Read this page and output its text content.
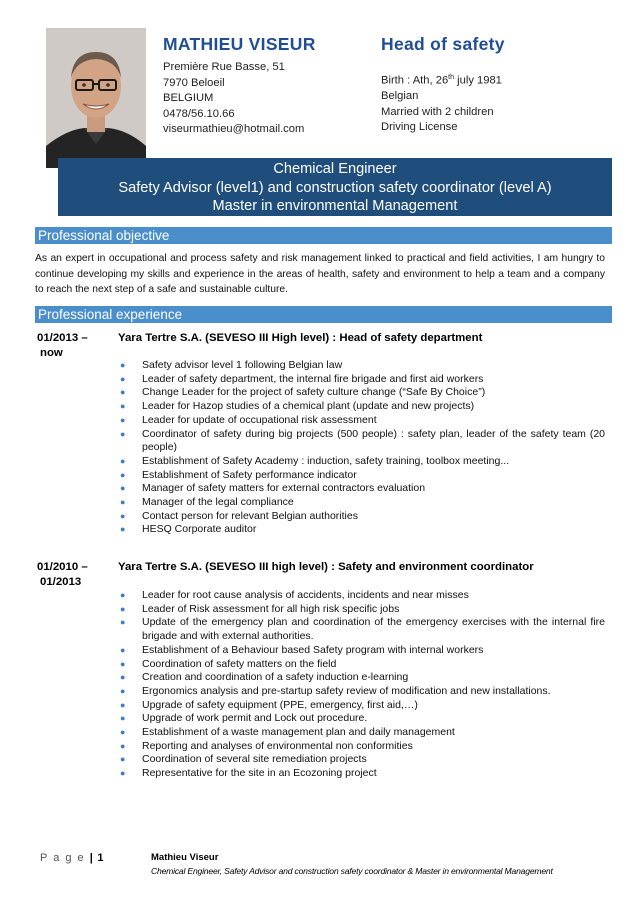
MATHIEU VISEUR	Head of safety
Première Rue Basse, 51
7970 Beloeil
BELGIUM
0478/56.10.66
viseurmathieu@hotmail.com
Birth : Ath, 26th july 1981
Belgian
Married with 2 children
Driving License
Chemical Engineer
Safety Advisor (level1) and construction safety coordinator (level A)
Master in environmental Management
Professional objective
As an expert in occupational and process safety and risk management linked to practical and field activities, I am hungry to continue developing my skills and experience in the areas of health, safety and environment to help a team and a company to reach the next step of a safe and sustainable culture.
Professional experience
01/2013 –
now
Yara Tertre S.A. (SEVESO III High level) : Head of safety department
● Safety advisor level 1 following Belgian law
● Leader of safety department, the internal fire brigade and first aid workers
● Change Leader for the project of safety culture change (“Safe By Choice”)
● Leader for Hazop studies of a chemical plant (update and new projects)
● Leader for update of occupational risk assessment
● Coordinator of safety during big projects (500 people) : safety plan, leader of the safety team (20 people)
● Establishment of Safety Academy : induction, safety training, toolbox meeting...
● Establishment of Safety performance indicator
● Manager of safety matters for external contractors evaluation
● Manager of the legal compliance
● Contact person for relevant Belgian authorities
● HESQ Corporate auditor
01/2010 –
01/2013
Yara Tertre S.A. (SEVESO III high level) : Safety and environment coordinator
● Leader for root cause analysis of accidents, incidents and near misses
● Leader of Risk assessment for all high risk specific jobs
● Update of the emergency plan and coordination of the emergency exercises with the internal fire brigade and with external authorities.
● Establishment of a Behaviour based Safety program with internal workers
● Coordination of safety matters on the field
● Creation and coordination of a safety induction e-learning
● Ergonomics analysis and pre-startup safety review of modification and new installations.
● Upgrade of safety equipment (PPE, emergency, first aid,…)
● Upgrade of work permit and Lock out procedure.
● Establishment of a waste management plan and daily management
● Reporting and analyses of environmental non conformities
● Coordination of several site remediation projects
● Representative for the site in an Ecozoning project
P a g e | 1	Mathieu Viseur
Chemical Engineer, Safety Advisor and construction safety coordinator & Master in environmental Management
